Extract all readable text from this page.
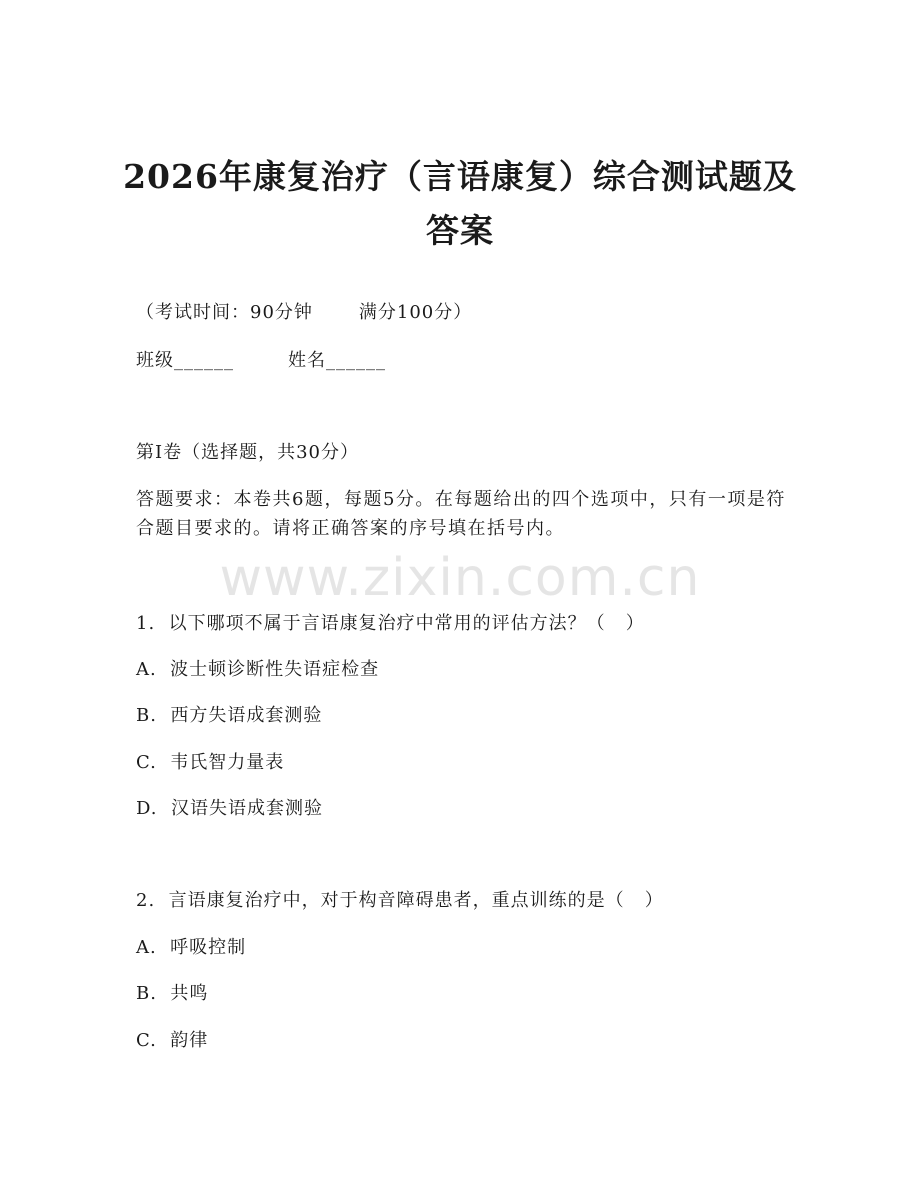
2026年康复治疗（言语康复）综合测试题及答案
（考试时间：90分钟	满分100分）
班级______	姓名______
第Ⅰ卷（选择题，共30分）
答题要求：本卷共6题，每题5分。在每题给出的四个选项中，只有一项是符合题目要求的。请将正确答案的序号填在括号内。
www.zixin.com.cn
1.  以下哪项不属于言语康复治疗中常用的评估方法？（   ）
A.  波士顿诊断性失语症检查
B.  西方失语成套测验
C.  韦氏智力量表
D.  汉语失语成套测验
2.  言语康复治疗中，对于构音障碍患者，重点训练的是（   ）
A.  呼吸控制
B.  共鸣
C.  韵律
